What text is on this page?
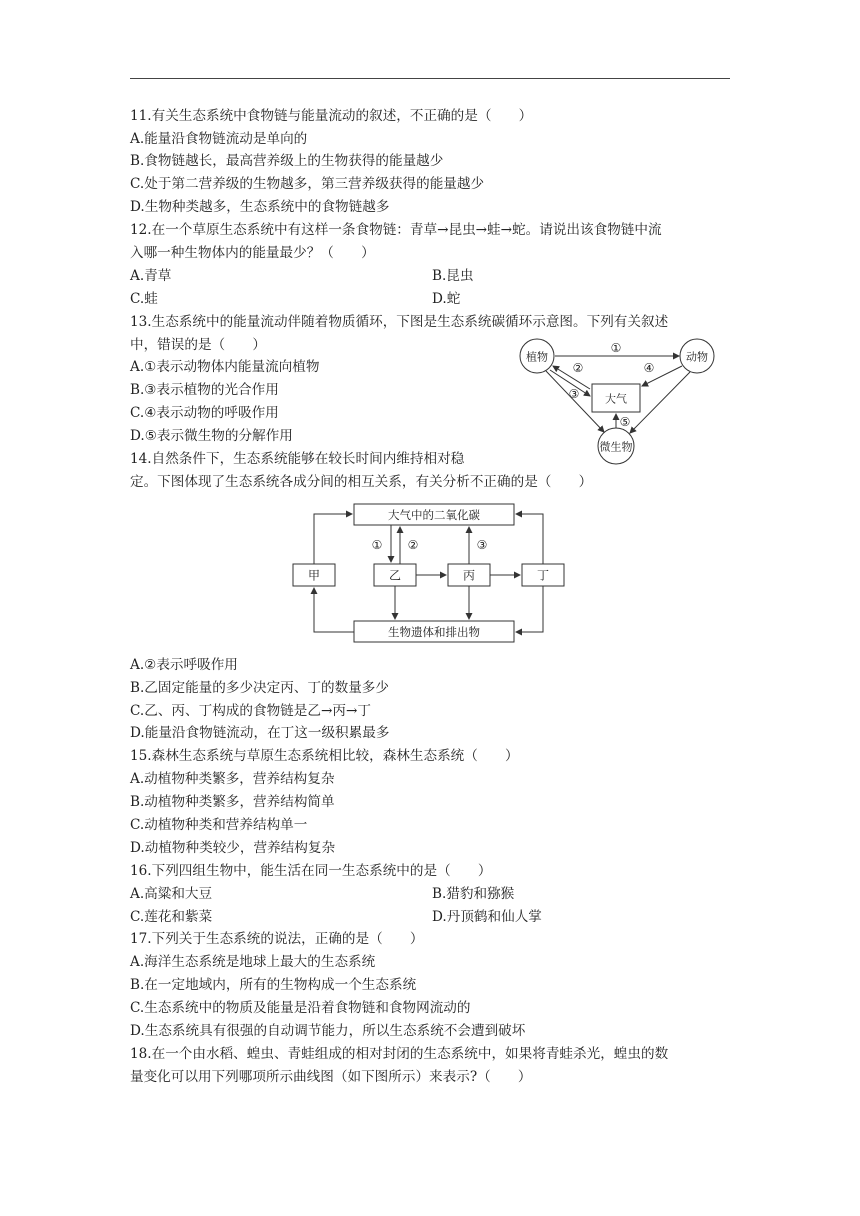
11.有关生态系统中食物链与能量流动的叙述，不正确的是（　　）
A.能量沿食物链流动是单向的
B.食物链越长，最高营养级上的生物获得的能量越少
C.处于第二营养级的生物越多，第三营养级获得的能量越少
D.生物种类越多，生态系统中的食物链越多
12.在一个草原生态系统中有这样一条食物链：青草→昆虫→蛙→蛇。请说出该食物链中流
入哪一种生物体内的能量最少？（　　）
A.青草	B.昆虫
C.蛙	D.蛇
13.生态系统中的能量流动伴随着物质循环，下图是生态系统碳循环示意图。下列有关叙述
中，错误的是（　　）
A.①表示动物体内能量流向植物
B.③表示植物的光合作用
C.④表示动物的呼吸作用
D.⑤表示微生物的分解作用
植物	动物
大气
微生物
①
②
③
④
⑤
14.自然条件下，生态系统能够在较长时间内维持相对稳
定。下图体现了生态系统各成分间的相互关系，有关分析不正确的是（　　）
大气中的二氧化碳
甲	乙	丙	丁
生物遗体和排出物
① ②	③
A.②表示呼吸作用
B.乙固定能量的多少决定丙、丁的数量多少
C.乙、丙、丁构成的食物链是乙→丙→丁
D.能量沿食物链流动，在丁这一级积累最多
15.森林生态系统与草原生态系统相比较，森林生态系统（　　）
A.动植物种类繁多，营养结构复杂
B.动植物种类繁多，营养结构简单
C.动植物种类和营养结构单一
D.动植物种类较少，营养结构复杂
16.下列四组生物中，能生活在同一生态系统中的是（　　）
A.高粱和大豆	B.猎豹和猕猴
C.莲花和紫菜	D.丹顶鹤和仙人掌
17.下列关于生态系统的说法，正确的是（　　）
A.海洋生态系统是地球上最大的生态系统
B.在一定地域内，所有的生物构成一个生态系统
C.生态系统中的物质及能量是沿着食物链和食物网流动的
D.生态系统具有很强的自动调节能力，所以生态系统不会遭到破坏
18.在一个由水稻、蝗虫、青蛙组成的相对封闭的生态系统中，如果将青蛙杀光，蝗虫的数
量变化可以用下列哪项所示曲线图（如下图所示）来表示?（　　）
